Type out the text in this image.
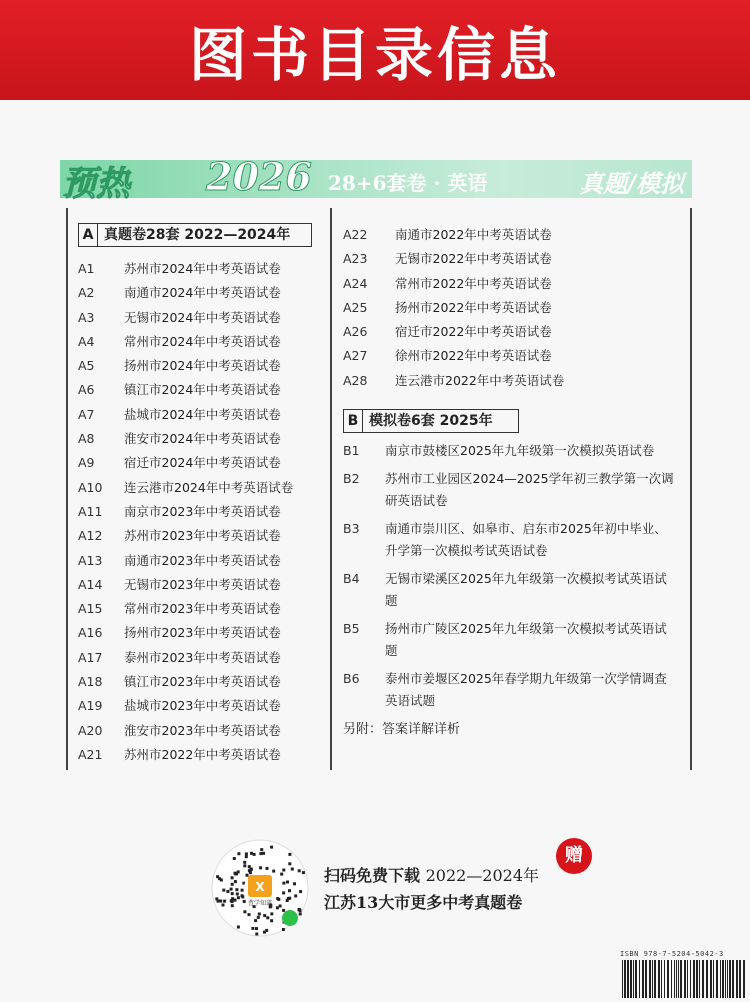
图书目录信息
预热 2026 28+6套卷 · 英语	真题/模拟
A 真题卷28套 2022—2024年
A1	苏州市2024年中考英语试卷
A2	南通市2024年中考英语试卷
A3	无锡市2024年中考英语试卷
A4	常州市2024年中考英语试卷
A5	扬州市2024年中考英语试卷
A6	镇江市2024年中考英语试卷
A7	盐城市2024年中考英语试卷
A8	淮安市2024年中考英语试卷
A9	宿迁市2024年中考英语试卷
A10	连云港市2024年中考英语试卷
A11	南京市2023年中考英语试卷
A12	苏州市2023年中考英语试卷
A13	南通市2023年中考英语试卷
A14	无锡市2023年中考英语试卷
A15	常州市2023年中考英语试卷
A16	扬州市2023年中考英语试卷
A17	泰州市2023年中考英语试卷
A18	镇江市2023年中考英语试卷
A19	盐城市2023年中考英语试卷
A20	淮安市2023年中考英语试卷
A21	苏州市2022年中考英语试卷
A22	南通市2022年中考英语试卷
A23	无锡市2022年中考英语试卷
A24	常州市2022年中考英语试卷
A25	扬州市2022年中考英语试卷
A26	宿迁市2022年中考英语试卷
A27	徐州市2022年中考英语试卷
A28	连云港市2022年中考英语试卷
B 模拟卷6套 2025年
B1	南京市鼓楼区2025年九年级第一次模拟英语试卷
B2	苏州市工业园区2024—2025学年初三教学第一次调研英语试卷
B3	南通市崇川区、如皋市、启东市2025年初中毕业、升学第一次模拟考试英语试卷
B4	无锡市梁溪区2025年九年级第一次模拟考试英语试题
B5	扬州市广陵区2025年九年级第一次模拟考试英语试题
B6	泰州市姜堰区2025年春学期九年级第一次学情调查英语试题
另附：答案详解详析
X
曹学知道
扫码免费下载 2022—2024年
江苏13大市更多中考真题卷
赠
ISBN 978-7-5204-5042-3
